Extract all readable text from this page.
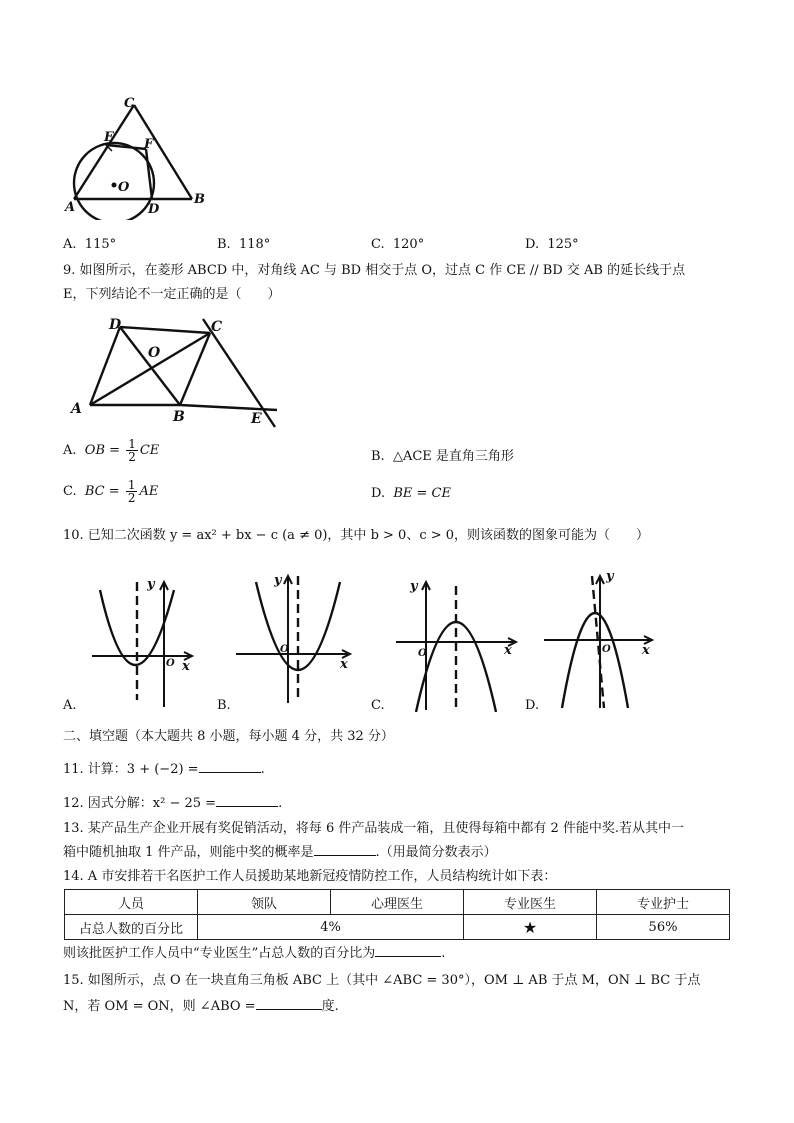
C
E F
O
A	D
B
A. 115°	B. 118°	C. 120°	D. 125°
9. 如图所示，在菱形 ABCD 中，对角线 AC 与 BD 相交于点 O，过点 C 作 CE // BD 交 AB 的延长线于点
E，下列结论不一定正确的是（　　）
D	C
O
A	B	E
A. OB = $\frac{1}{2}$ CE	B. △ACE 是直角三角形
C. BC = $\frac{1}{2}$ AE	D. BE = CE
10. 已知二次函数 y = ax² + bx − c (a ≠ 0)，其中 b > 0、c > 0，则该函数的图象可能为（　　）
y
x
O
A.
y
x
O
B.
y
x
O
C.
y
x
O
D.
二、填空题（本大题共 8 小题，每小题 4 分，共 32 分）
11. 计算：3 + (−2) =	.
12. 因式分解：x² − 25 =	.
13. 某产品生产企业开展有奖促销活动，将每 6 件产品装成一箱，且使得每箱中都有 2 件能中奖.若从其中一
箱中随机抽取 1 件产品，则能中奖的概率是	.（用最简分数表示）
14. A 市安排若干名医护工作人员援助某地新冠疫情防控工作，人员结构统计如下表：
人员	领队	心理医生	专业医生	专业护士
占总人数的百分比	4%		★	56%
则该批医护工作人员中“专业医生”占总人数的百分比为	.
15. 如图所示，点 O 在一块直角三角板 ABC 上（其中 ∠ABC = 30°），OM ⊥ AB 于点 M，ON ⊥ BC 于点
N，若 OM = ON，则 ∠ABO =	度.
